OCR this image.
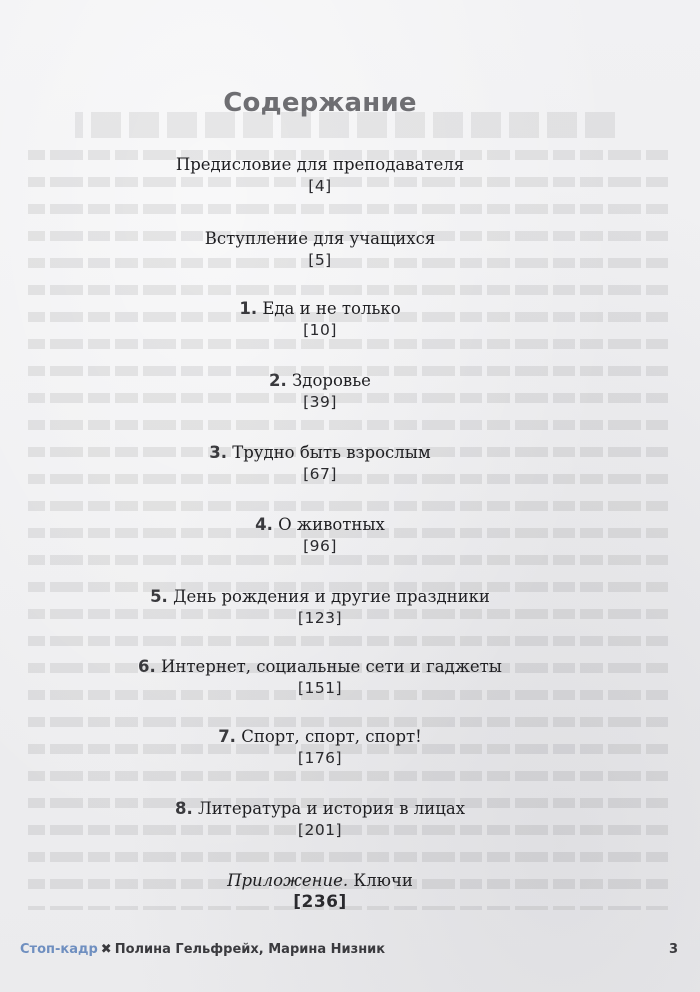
Содержание
Предисловие для преподавателя
[4]
Вступление для учащихся
[5]
1. Еда и не только
[10]
2. Здоровье
[39]
3. Трудно быть взрослым
[67]
4. О животных
[96]
5. День рождения и другие праздники
[123]
6. Интернет, социальные сети и гаджеты
[151]
7. Спорт, спорт, спорт!
[176]
8. Литература и история в лицах
[201]
Приложение. Ключи
[236]
Стоп-кадр ✖ Полина Гельфрейх, Марина Низник	3
